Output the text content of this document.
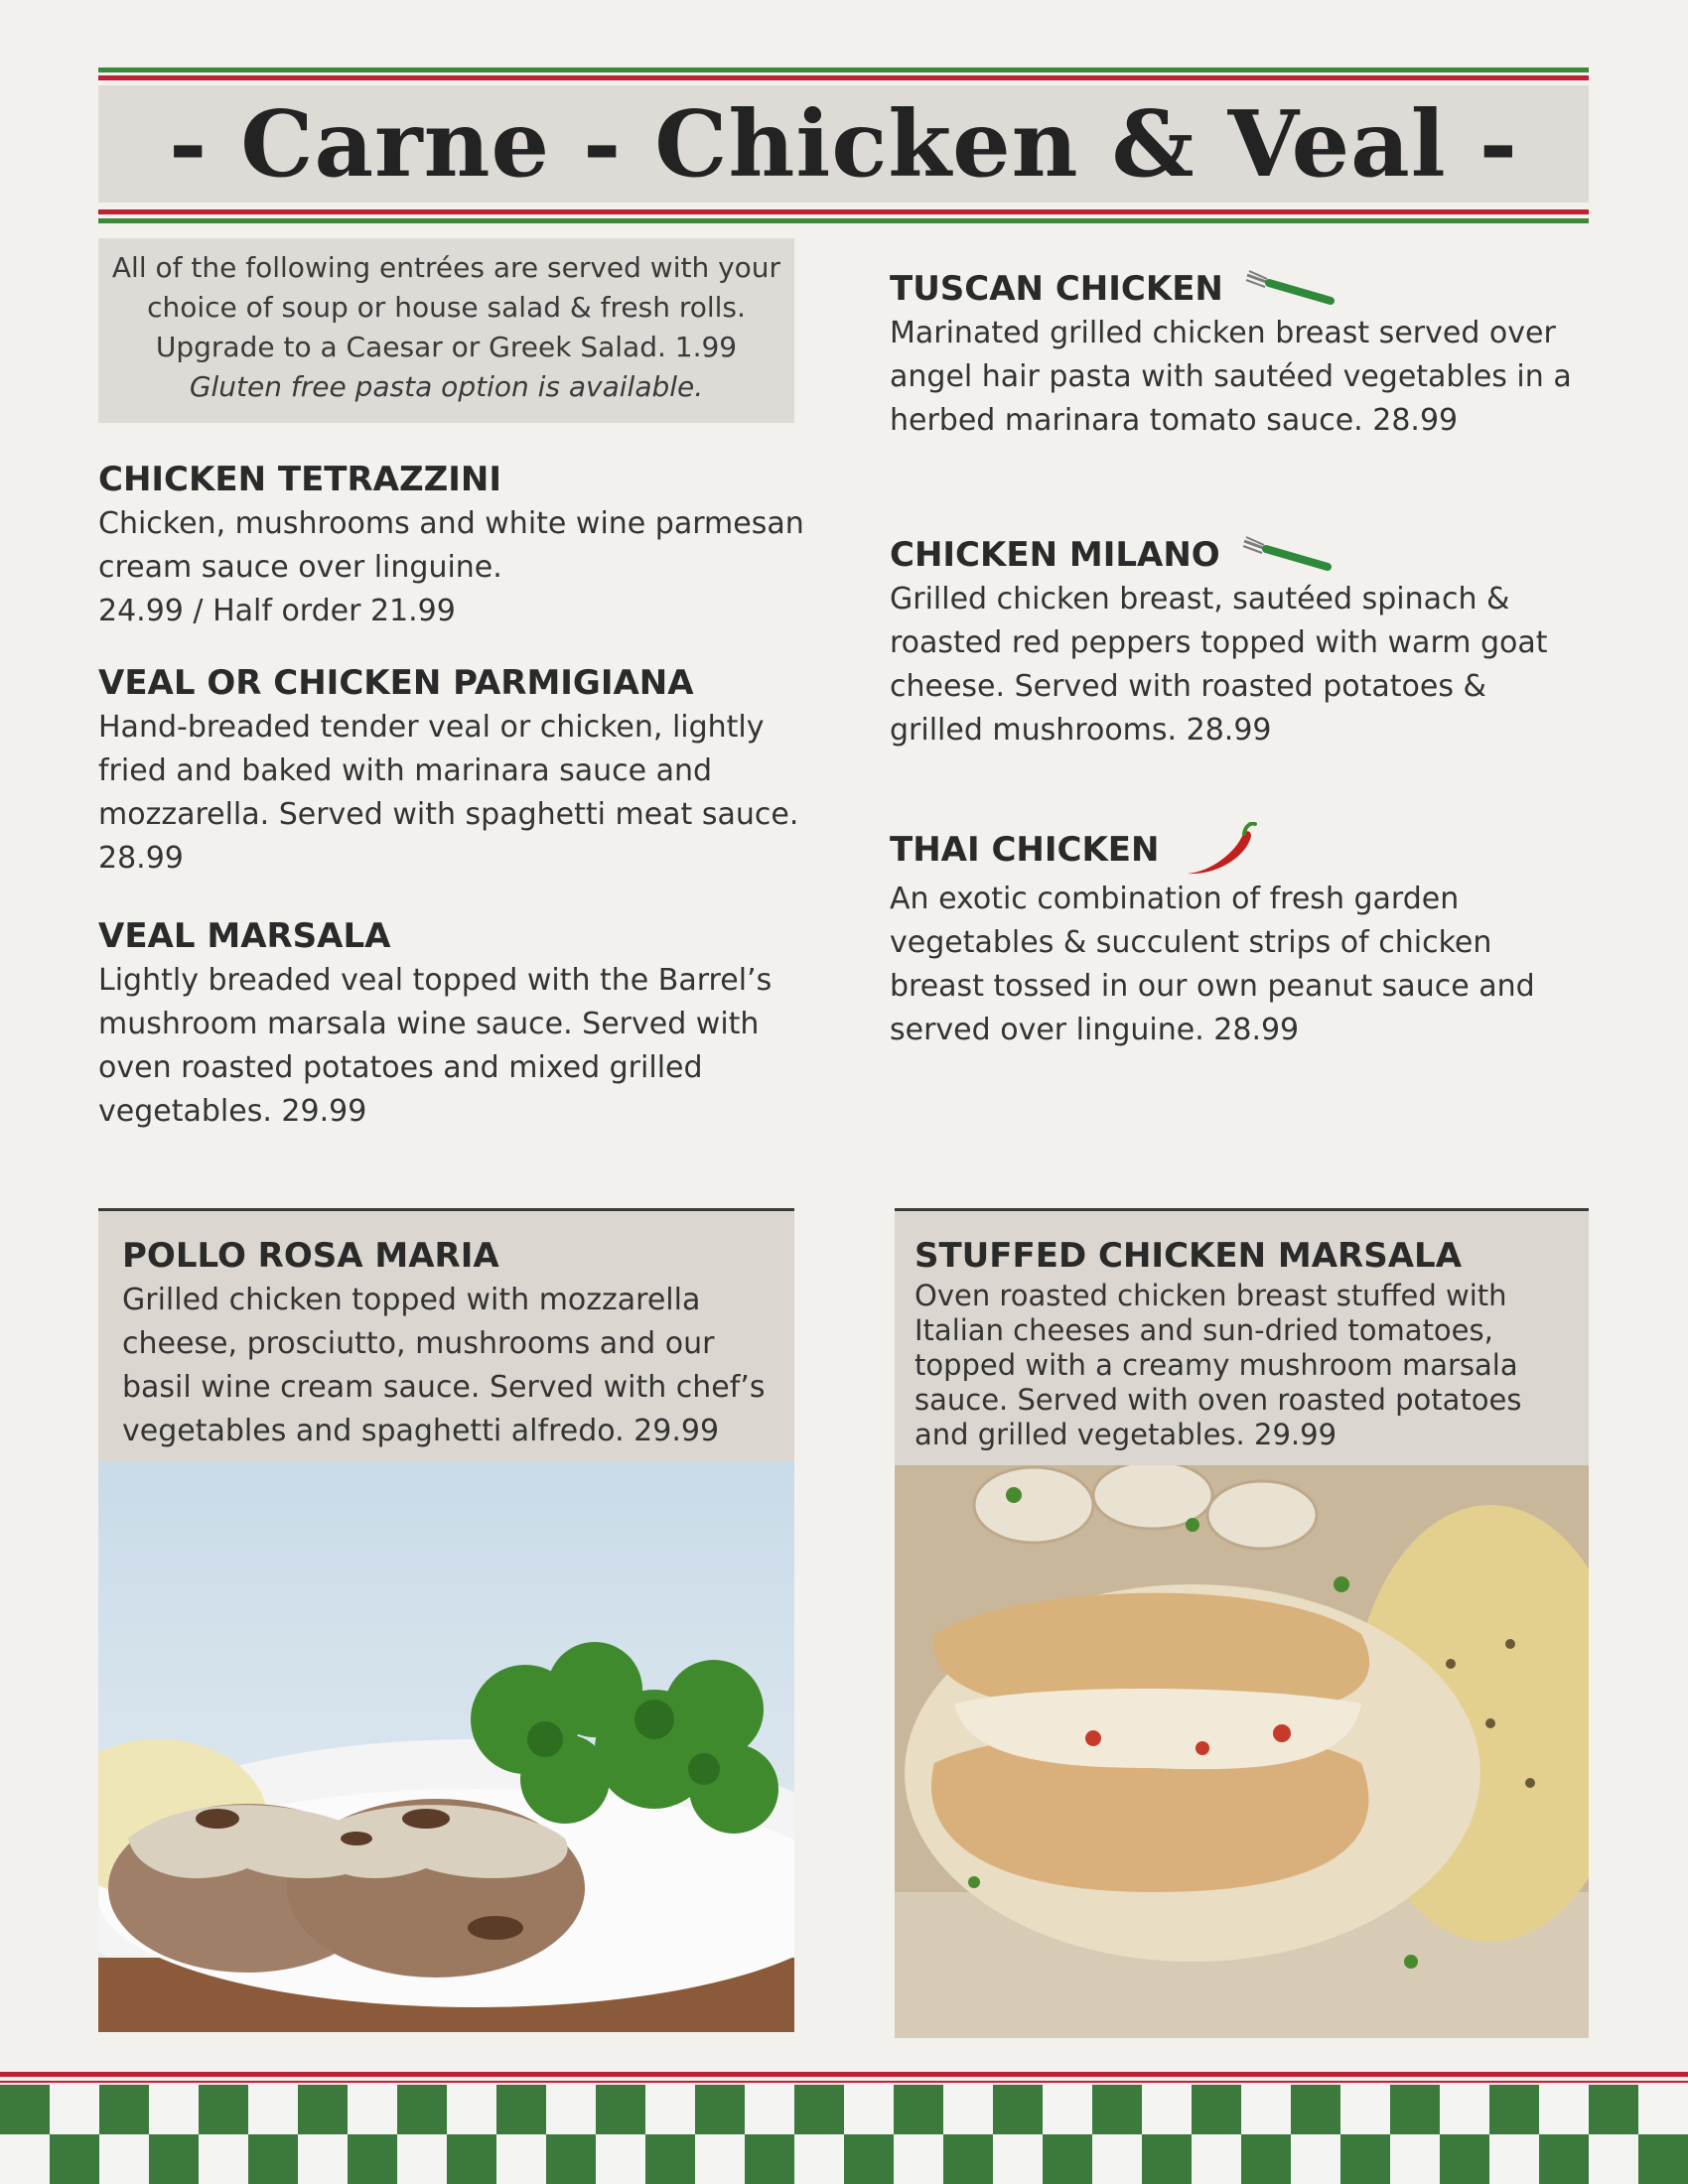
- Carne - Chicken & Veal -
All of the following entrées are served with your
choice of soup or house salad & fresh rolls.
Upgrade to a Caesar or Greek Salad. 1.99
Gluten free pasta option is available.
CHICKEN TETRAZZINI
Chicken, mushrooms and white wine parmesan cream sauce over linguine.
24.99 / Half order 21.99
VEAL OR CHICKEN PARMIGIANA
Hand-breaded tender veal or chicken, lightly fried and baked with marinara sauce and mozzarella. Served with spaghetti meat sauce.
28.99
VEAL MARSALA
Lightly breaded veal topped with the Barrel’s mushroom marsala wine sauce. Served with oven roasted potatoes and mixed grilled vegetables. 29.99
TUSCAN CHICKEN
Marinated grilled chicken breast served over angel hair pasta with sautéed vegetables in a herbed marinara tomato sauce. 28.99
CHICKEN MILANO
Grilled chicken breast, sautéed spinach & roasted red peppers topped with warm goat cheese. Served with roasted potatoes & grilled mushrooms. 28.99
THAI CHICKEN
An exotic combination of fresh garden vegetables & succulent strips of chicken breast tossed in our own peanut sauce and served over linguine. 28.99
POLLO ROSA MARIA
Grilled chicken topped with mozzarella cheese, prosciutto, mushrooms and our basil wine cream sauce. Served with chef’s vegetables and spaghetti alfredo. 29.99
STUFFED CHICKEN MARSALA
Oven roasted chicken breast stuffed with Italian cheeses and sun-dried tomatoes, topped with a creamy mushroom marsala sauce. Served with oven roasted potatoes and grilled vegetables. 29.99
